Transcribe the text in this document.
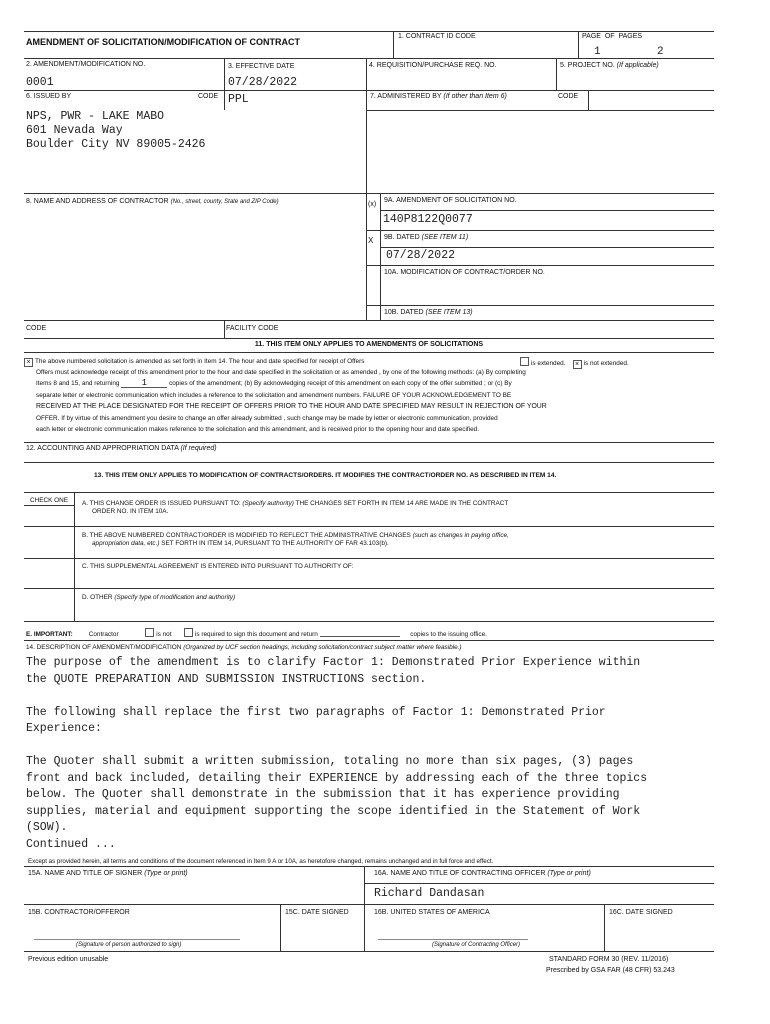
AMENDMENT OF SOLICITATION/MODIFICATION OF CONTRACT
1. CONTRACT ID CODE	PAGE OF PAGES
1	2
2. AMENDMENT/MODIFICATION NO.
0001
3. EFFECTIVE DATE
07/28/2022
4. REQUISITION/PURCHASE REQ. NO.	5. PROJECT NO. (If applicable)
6. ISSUED BY	CODE PPL	7. ADMINISTERED BY (If other than Item 6)	CODE
NPS, PWR - LAKE MABO
601 Nevada Way
Boulder City NV 89005-2426
8. NAME AND ADDRESS OF CONTRACTOR (No., street, county, State and ZIP Code)	(x)
9A. AMENDMENT OF SOLICITATION NO.
140P8122Q0077
X 9B. DATED (SEE ITEM 11)
07/28/2022
10A. MODIFICATION OF CONTRACT/ORDER NO.
10B. DATED (SEE ITEM 13)
CODE	FACILITY CODE
11. THIS ITEM ONLY APPLIES TO AMENDMENTS OF SOLICITATIONS
× The above numbered solicitation is amended as set forth in Item 14. The hour and date specified for receipt of Offers	is extended. × is not extended.
Offers must acknowledge receipt of this amendment prior to the hour and date specified in the solicitation or as amended , by one of the following methods: (a) By completing
Items 8 and 15, and returning 1	copies of the amendment; (b) By acknowledging receipt of this amendment on each copy of the offer submitted ; or (c) By
separate letter or electronic communication which includes a reference to the solicitation and amendment numbers. FAILURE OF YOUR ACKNOWLEDGEMENT TO BE
RECEIVED AT THE PLACE DESIGNATED FOR THE RECEIPT OF OFFERS PRIOR TO THE HOUR AND DATE SPECIFIED MAY RESULT IN REJECTION OF YOUR
OFFER. If by virtue of this amendment you desire to change an offer already submitted , such change may be made by letter or electronic communication, provided
each letter or electronic communication makes reference to the solicitation and this amendment, and is received prior to the opening hour and date specified.
12. ACCOUNTING AND APPROPRIATION DATA (If required)
13. THIS ITEM ONLY APPLIES TO MODIFICATION OF CONTRACTS/ORDERS. IT MODIFIES THE CONTRACT/ORDER NO. AS DESCRIBED IN ITEM 14.
CHECK ONE A. THIS CHANGE ORDER IS ISSUED PURSUANT TO: (Specify authority) THE CHANGES SET FORTH IN ITEM 14 ARE MADE IN THE CONTRACT
ORDER NO. IN ITEM 10A.
B. THE ABOVE NUMBERED CONTRACT/ORDER IS MODIFIED TO REFLECT THE ADMINISTRATIVE CHANGES (such as changes in paying office,
appropriation data, etc.) SET FORTH IN ITEM 14, PURSUANT TO THE AUTHORITY OF FAR 43.103(b).
C. THIS SUPPLEMENTAL AGREEMENT IS ENTERED INTO PURSUANT TO AUTHORITY OF:
D. OTHER (Specify type of modification and authority)
E. IMPORTANT: Contractor	is not	is required to sign this document and return	copies to the issuing office.
14. DESCRIPTION OF AMENDMENT/MODIFICATION (Organized by UCF section headings, including solicitation/contract subject matter where feasible.)
The purpose of the amendment is to clarify Factor 1: Demonstrated Prior Experience within
the QUOTE PREPARATION AND SUBMISSION INSTRUCTIONS section.

The following shall replace the first two paragraphs of Factor 1: Demonstrated Prior
Experience:

The Quoter shall submit a written submission, totaling no more than six pages, (3) pages
front and back included, detailing their EXPERIENCE by addressing each of the three topics
below. The Quoter shall demonstrate in the submission that it has experience providing
supplies, material and equipment supporting the scope identified in the Statement of Work
(SOW).
Continued ...
Except as provided herein, all terms and conditions of the document referenced in Item 9 A or 10A, as heretofore changed, remains unchanged and in full force and effect.
15A. NAME AND TITLE OF SIGNER (Type or print)	16A. NAME AND TITLE OF CONTRACTING OFFICER (Type or print)
Richard Dandasan
15B. CONTRACTOR/OFFEROR	15C. DATE SIGNED	16B. UNITED STATES OF AMERICA	16C. DATE SIGNED
(Signature of person authorized to sign)	(Signature of Contracting Officer)
Previous edition unusable	STANDARD FORM 30 (REV. 11/2016)
Prescribed by GSA FAR (48 CFR) 53.243
